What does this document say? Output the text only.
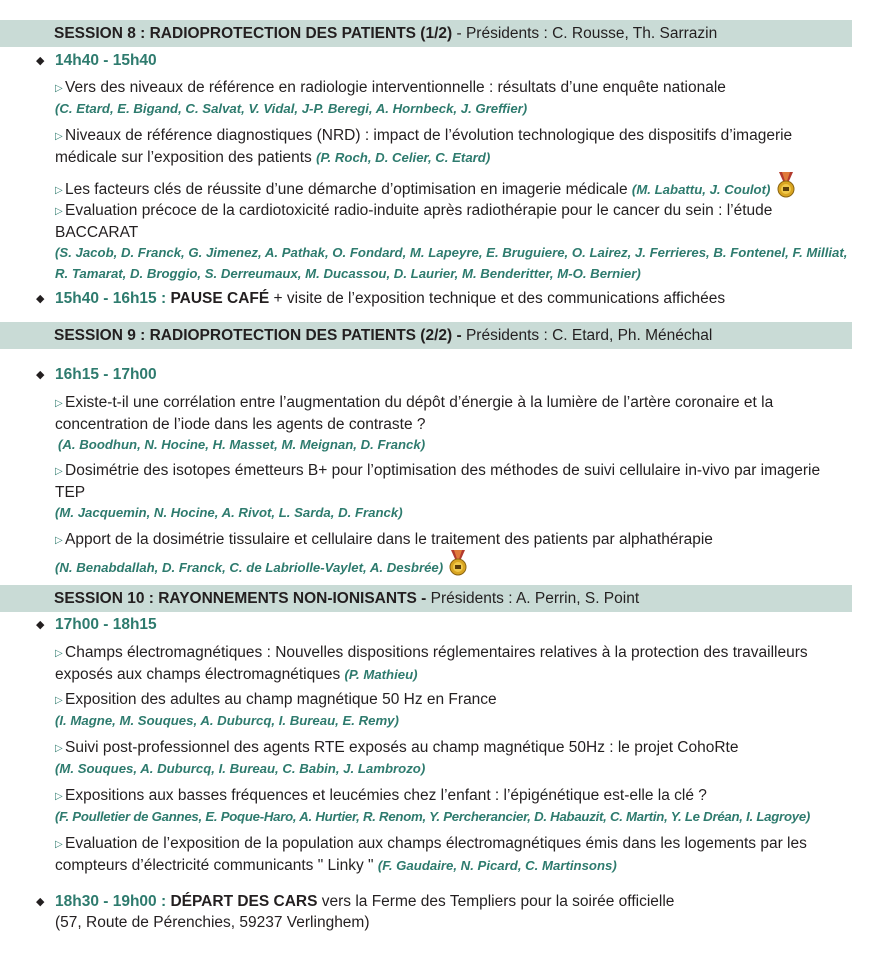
SESSION 8 : RADIOPROTECTION DES PATIENTS (1/2) - Présidents : C. Rousse, Th. Sarrazin
◆ 14h40 - 15h40
▷ Vers des niveaux de référence en radiologie interventionnelle : résultats d’une enquête nationale
(C. Etard, E. Bigand, C. Salvat, V. Vidal, J-P. Beregi, A. Hornbeck, J. Greffier)
▷ Niveaux de référence diagnostiques (NRD) : impact de l’évolution technologique des dispositifs d’imagerie médicale sur l’exposition des patients (P. Roch, D. Celier, C. Etard)
▷ Les facteurs clés de réussite d’une démarche d’optimisation en imagerie médicale (M. Labattu, J. Coulot)
▷ Evaluation précoce de la cardiotoxicité radio-induite après radiothérapie pour le cancer du sein : l’étude BACCARAT
(S. Jacob, D. Franck, G. Jimenez, A. Pathak, O. Fondard, M. Lapeyre, E. Bruguiere, O. Lairez, J. Ferrieres, B. Fontenel, F. Milliat, R. Tamarat, D. Broggio, S. Derreumaux, M. Ducassou, D. Laurier, M. Benderitter, M-O. Bernier)
◆ 15h40 - 16h15 : PAUSE CAFÉ + visite de l’exposition technique et des communications affichées
SESSION 9 : RADIOPROTECTION DES PATIENTS (2/2) - Présidents : C. Etard, Ph. Ménéchal
◆ 16h15 - 17h00
▷ Existe-t-il une corrélation entre l’augmentation du dépôt d’énergie à la lumière de l’artère coronaire et la concentration de l’iode dans les agents de contraste ?
(A. Boodhun, N. Hocine, H. Masset, M. Meignan, D. Franck)
▷ Dosimétrie des isotopes émetteurs B+ pour l’optimisation des méthodes de suivi cellulaire in-vivo par imagerie TEP
(M. Jacquemin, N. Hocine, A. Rivot, L. Sarda, D. Franck)
▷ Apport de la dosimétrie tissulaire et cellulaire dans le traitement des patients par alphathérapie
(N. Benabdallah, D. Franck, C. de Labriolle-Vaylet, A. Desbrée)
SESSION 10 : RAYONNEMENTS NON-IONISANTS - Présidents : A. Perrin, S. Point
◆ 17h00 - 18h15
▷ Champs électromagnétiques : Nouvelles dispositions réglementaires relatives à la protection des travailleurs exposés aux champs électromagnétiques (P. Mathieu)
▷ Exposition des adultes au champ magnétique 50 Hz en France
(I. Magne, M. Souques, A. Duburcq, I. Bureau, E. Remy)
▷ Suivi post-professionnel des agents RTE exposés au champ magnétique 50Hz : le projet CohoRte
(M. Souques, A. Duburcq, I. Bureau, C. Babin, J. Lambrozo)
▷ Expositions aux basses fréquences et leucémies chez l’enfant : l’épigénétique est-elle la clé ?
(F. Poulletier de Gannes, E. Poque-Haro, A. Hurtier, R. Renom, Y. Percherancier, D. Habauzit, C. Martin, Y. Le Dréan, I. Lagroye)
▷ Evaluation de l’exposition de la population aux champs électromagnétiques émis dans les logements par les compteurs d’électricité communicants " Linky " (F. Gaudaire, N. Picard, C. Martinsons)
◆ 18h30 - 19h00 : DÉPART DES CARS vers la Ferme des Templiers pour la soirée officielle
(57, Route de Pérenchies, 59237 Verlinghem)
